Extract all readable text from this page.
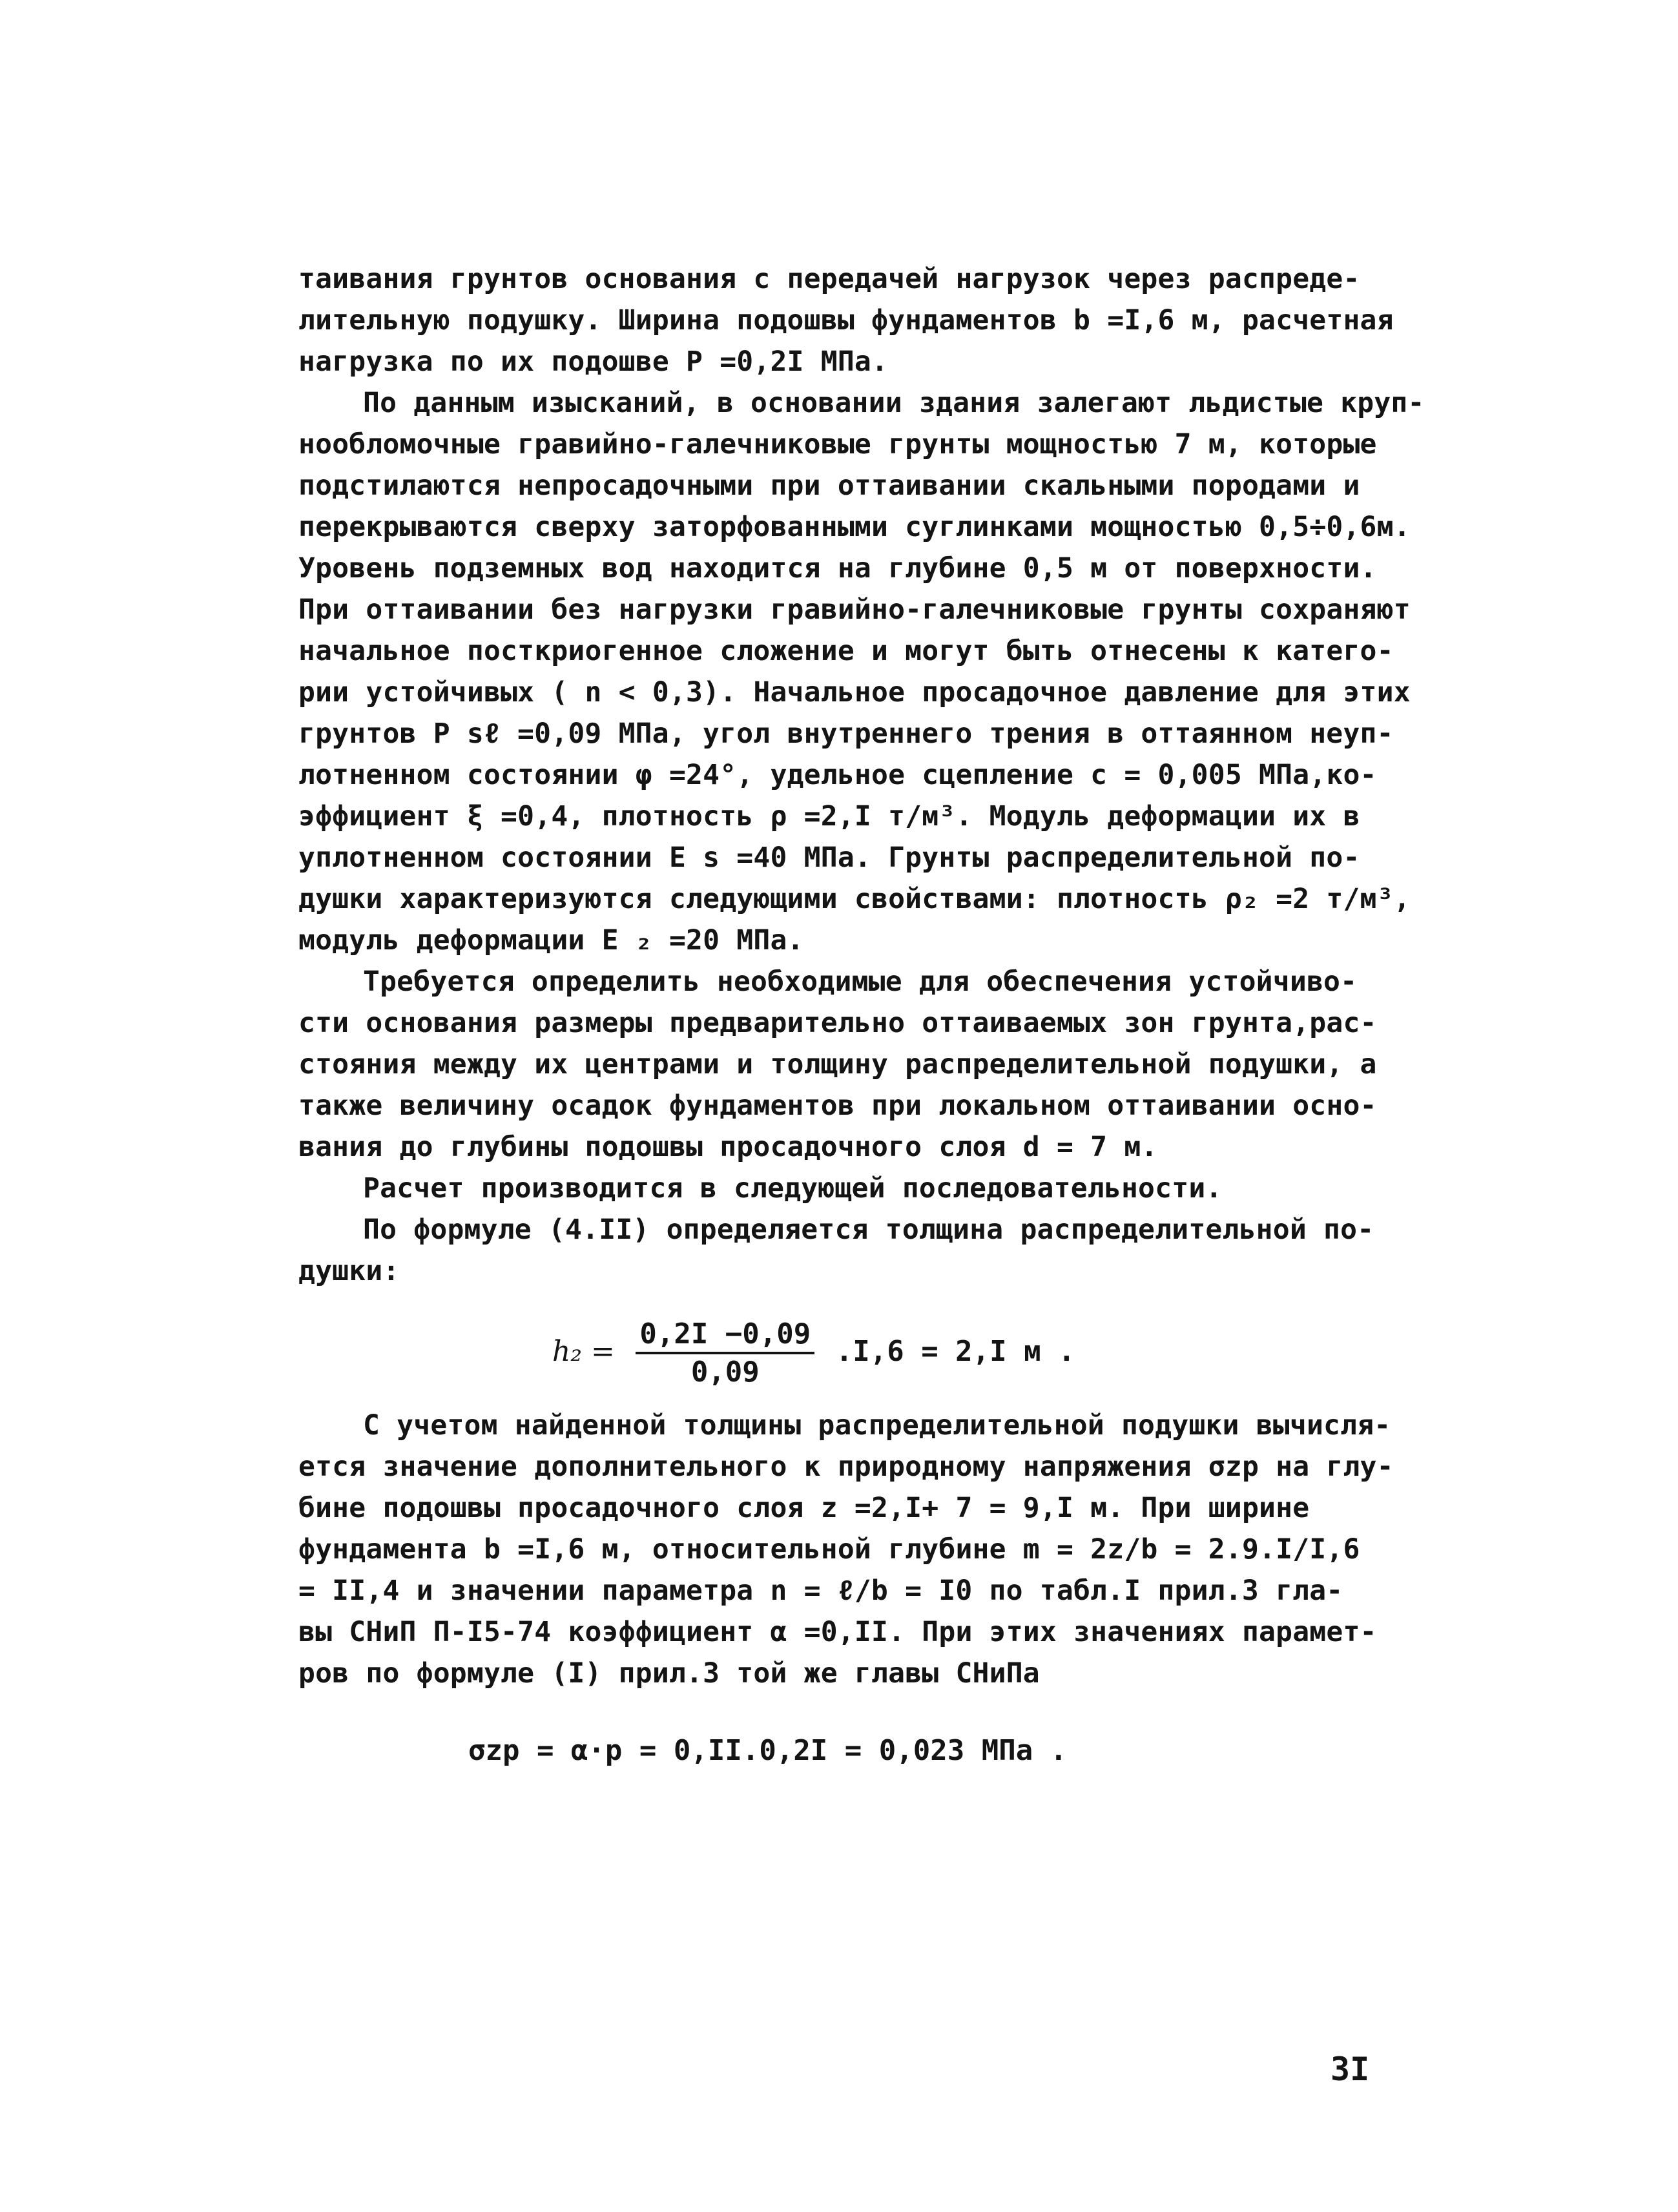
таивания грунтов основания с передачей нагрузок через распреде-
лительную подушку. Ширина подошвы фундаментов b =I,6 м, расчетная
нагрузка по их подошве Р =0,2I МПа.
По данным изысканий, в основании здания залегают льдистые круп-
нообломочные гравийно-галечниковые грунты мощностью 7 м, которые
подстилаются непросадочными при оттаивании скальными породами и
перекрываются сверху заторфованными суглинками мощностью 0,5÷0,6м.
Уровень подземных вод находится на глубине 0,5 м от поверхности.
При оттаивании без нагрузки гравийно-галечниковые грунты сохраняют
начальное посткриогенное сложение и могут быть отнесены к катего-
рии устойчивых ( n < 0,3). Начальное просадочное давление для этих
грунтов Р sℓ =0,09 МПа, угол внутреннего трения в оттаянном неуп-
лотненном состоянии φ =24°, удельное сцепление с = 0,005 МПа,ко-
эффициент ξ =0,4, плотность ρ =2,I т/м³. Модуль деформации их в
уплотненном состоянии Е s =40 МПа. Грунты распределительной по-
душки характеризуются следующими свойствами: плотность ρ₂ =2 т/м³,
модуль деформации Е ₂ =20 МПа.
Требуется определить необходимые для обеспечения устойчиво-
сти основания размеры предварительно оттаиваемых зон грунта,рас-
стояния между их центрами и толщину распределительной подушки, а
также величину осадок фундаментов при локальном оттаивании осно-
вания до глубины подошвы просадочного слоя d = 7 м.
Расчет производится в следующей последовательности.
По формуле (4.II) определяется толщина распределительной по-
душки:
$h_2 = \frac{0,2I -0,09}{0,09} .I,6 = 2,I$ м .
С учетом найденной толщины распределительной подушки вычисля-
ется значение дополнительного к природному напряжения σzp на глу-
бине подошвы просадочного слоя z =2,I+ 7 = 9,I м. При ширине
фундамента b =I,6 м, относительной глубине m = 2z/b = 2.9.I/I,6
= II,4 и значении параметра n = ℓ/b = I0 по табл.I прил.3 гла-
вы СНиП П-I5-74 коэффициент α =0,II. При этих значениях парамет-
ров по формуле (I) прил.3 той же главы СНиПа
σzp = α·p = 0,II.0,2I = 0,023 МПа .
3I
